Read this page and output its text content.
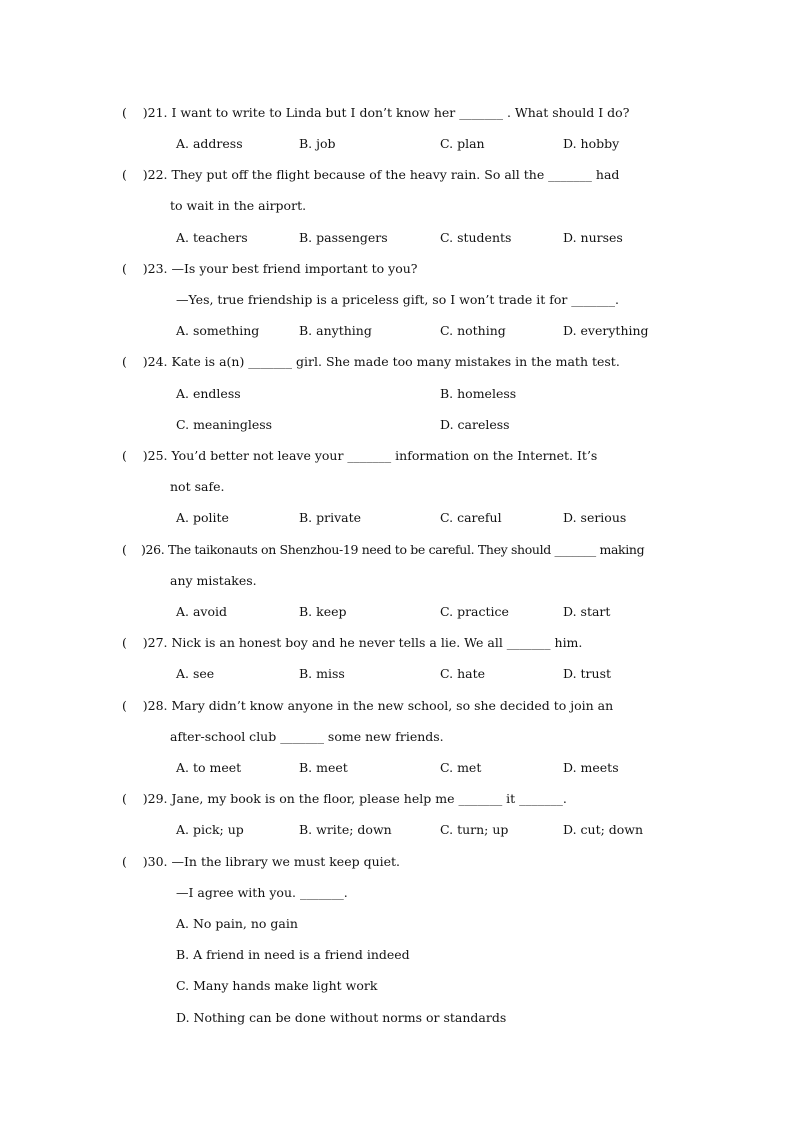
(    )21. I want to write to Linda but I don’t know her _______ . What should I do?
A. address	B. job	C. plan	D. hobby
(    )22. They put off the flight because of the heavy rain. So all the _______ had
to wait in the airport.
A. teachers	B. passengers	C. students	D. nurses
(    )23. —Is your best friend important to you?
—Yes, true friendship is a priceless gift, so I won’t trade it for _______.
A. something	B. anything	C. nothing	D. everything
(    )24. Kate is a(n) _______ girl. She made too many mistakes in the math test.
A. endless	B. homeless
C. meaningless	D. careless
(    )25. You’d better not leave your _______ information on the Internet. It’s
not safe.
A. polite	B. private	C. careful	D. serious
(    )26. The taikonauts on Shenzhou-19 need to be careful. They should _______ making
any mistakes.
A. avoid	B. keep	C. practice	D. start
(    )27. Nick is an honest boy and he never tells a lie. We all _______ him.
A. see	B. miss	C. hate	D. trust
(    )28. Mary didn’t know anyone in the new school, so she decided to join an
after-school club _______ some new friends.
A. to meet	B. meet	C. met	D. meets
(    )29. Jane, my book is on the floor, please help me _______ it _______.
A. pick; up	B. write; down	C. turn; up	D. cut; down
(    )30. —In the library we must keep quiet.
—I agree with you. _______.
A. No pain, no gain
B. A friend in need is a friend indeed
C. Many hands make light work
D. Nothing can be done without norms or standards
